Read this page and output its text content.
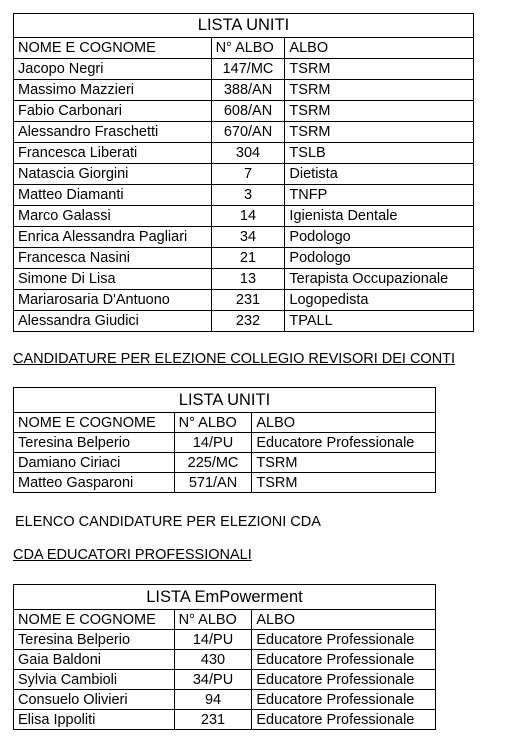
LISTA UNITI		
NOME E COGNOME	N° ALBO	ALBO
Jacopo Negri	147/MC	TSRM
Massimo Mazzieri	388/AN	TSRM
Fabio Carbonari	608/AN	TSRM
Alessandro Fraschetti	670/AN	TSRM
Francesca Liberati	304	TSLB
Natascia Giorgini	7	Dietista
Matteo Diamanti	3	TNFP
Marco Galassi	14	Igienista Dentale
Enrica Alessandra Pagliari	34	Podologo
Francesca Nasini	21	Podologo
Simone Di Lisa	13	Terapista Occupazionale
Mariarosaria D'Antuono	231	Logopedista
Alessandra Giudici	232	TPALL
CANDIDATURE PER ELEZIONE COLLEGIO REVISORI DEI CONTI
LISTA UNITI		
NOME E COGNOME	N° ALBO	ALBO
Teresina Belperio	14/PU	Educatore Professionale
Damiano Ciriaci	225/MC	TSRM
Matteo Gasparoni	571/AN	TSRM
ELENCO CANDIDATURE PER ELEZIONI CDA
CDA EDUCATORI PROFESSIONALI
LISTA EmPowerment		
NOME E COGNOME	N° ALBO	ALBO
Teresina Belperio	14/PU	Educatore Professionale
Gaia Baldoni	430	Educatore Professionale
Sylvia Cambioli	34/PU	Educatore Professionale
Consuelo Olivieri	94	Educatore Professionale
Elisa Ippoliti	231	Educatore Professionale
